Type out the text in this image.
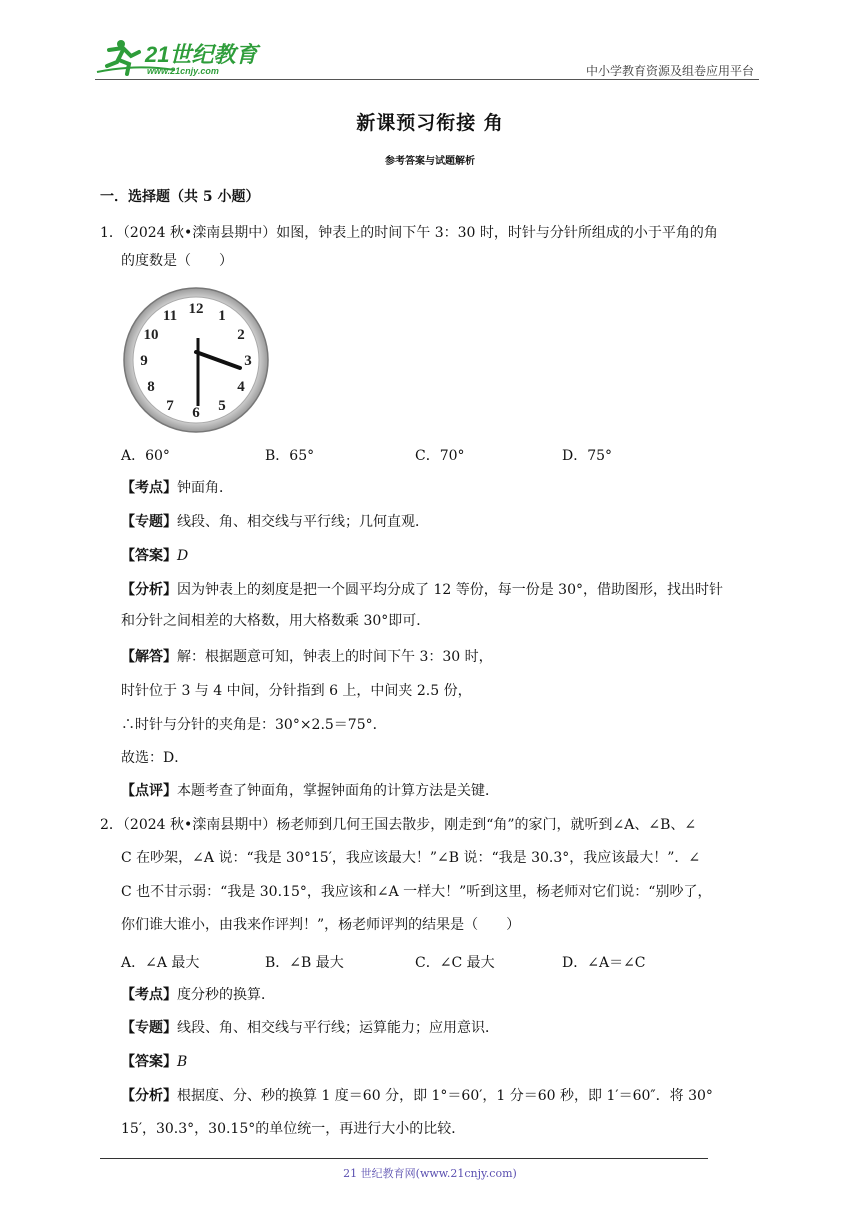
21世纪教育
www.21cnjy.com	中小学教育资源及组卷应用平台
新课预习衔接 角
参考答案与试题解析
一．选择题（共 5 小题）
1．（2024 秋•滦南县期中）如图，钟表上的时间下午 3：30 时，时针与分针所组成的小于平角的角
的度数是（　　）
12 1
2
3
4
5
6
7
8
9
10
11
A．60°	B．65°	C．70°	D．75°
【考点】钟面角．
【专题】线段、角、相交线与平行线；几何直观．
【答案】D
【分析】因为钟表上的刻度是把一个圆平均分成了 12 等份，每一份是 30°，借助图形，找出时针
和分针之间相差的大格数，用大格数乘 30°即可．
【解答】解：根据题意可知，钟表上的时间下午 3：30 时，
时针位于 3 与 4 中间，分针指到 6 上，中间夹 2.5 份，
∴时针与分针的夹角是：30°×2.5＝75°．
故选：D．
【点评】本题考查了钟面角，掌握钟面角的计算方法是关键．
2．（2024 秋•滦南县期中）杨老师到几何王国去散步，刚走到“角”的家门，就听到∠A、∠B、∠
C 在吵架，∠A 说：“我是 30°15′，我应该最大！”∠B 说：“我是 30.3°，我应该最大！”．∠
C 也不甘示弱：“我是 30.15°，我应该和∠A 一样大！”听到这里，杨老师对它们说：“别吵了，
你们谁大谁小，由我来作评判！”，杨老师评判的结果是（　　）
A．∠A 最大	B．∠B 最大	C．∠C 最大	D．∠A＝∠C
【考点】度分秒的换算．
【专题】线段、角、相交线与平行线；运算能力；应用意识．
【答案】B
【分析】根据度、分、秒的换算 1 度＝60 分，即 1°＝60′，1 分＝60 秒，即 1′＝60″．将 30°
15′，30.3°，30.15°的单位统一，再进行大小的比较．
21 世纪教育网(www.21cnjy.com)
